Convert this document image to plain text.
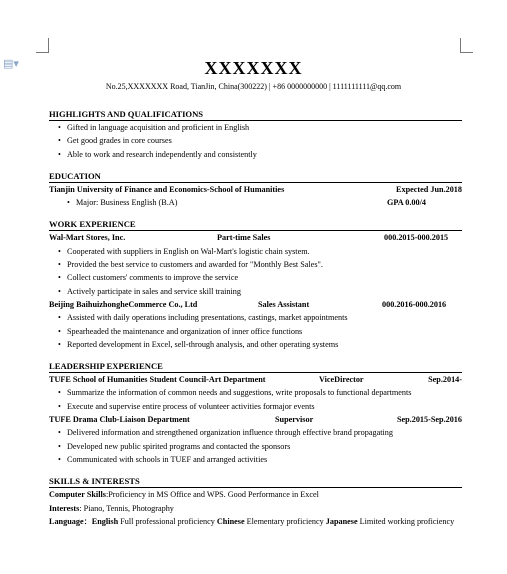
▤▾	XXXXXXX
No.25,XXXXXXX Road, TianJin, China(300222) | +86 0000000000 | 1111111111@qq.com
HIGHLIGHTS AND QUALIFICATIONS
• Gifted in language acquisition and proficient in English
• Get good grades in core courses
• Able to work and research independently and consistently
EDUCATION
Tianjin University of Finance and Economics-School of Humanities	Expected Jun.2018
• Major: Business English (B.A)	GPA 0.00/4
WORK EXPERIENCE
Wal-Mart Stores, Inc.	Part-time Sales	000.2015-000.2015
• Cooperated with suppliers in English on Wal-Mart's logistic chain system.
• Provided the best service to customers and awarded for "Monthly Best Sales".
• Collect customers' comments to improve the service
• Actively participate in sales and service skill training
Beijing BaihuizhongheCommerce Co., Ltd	Sales Assistant	000.2016-000.2016
• Assisted with daily operations including presentations, castings, market appointments
• Spearheaded the maintenance and organization of inner office functions
• Reported development in Excel, sell-through analysis, and other operating systems
LEADERSHIP EXPERIENCE
TUFE School of Humanities Student Council-Art Department	ViceDirector	Sep.2014-
• Summarize the information of common needs and suggestions, write proposals to functional departments
• Execute and supervise entire process of volunteer activities formajor events
TUFE Drama Club-Liaison Department	Supervisor	Sep.2015-Sep.2016
• Delivered information and strengthened organization influence through effective brand propagating
• Developed new public spirited programs and contacted the sponsors
• Communicated with schools in TUEF and arranged activities
SKILLS & INTERESTS
Computer Skills:Proficiency in MS Office and WPS. Good Performance in Excel
Interests: Piano, Tennis, Photography
Language：English Full professional proficiency Chinese Elementary proficiency Japanese Limited working proficiency
